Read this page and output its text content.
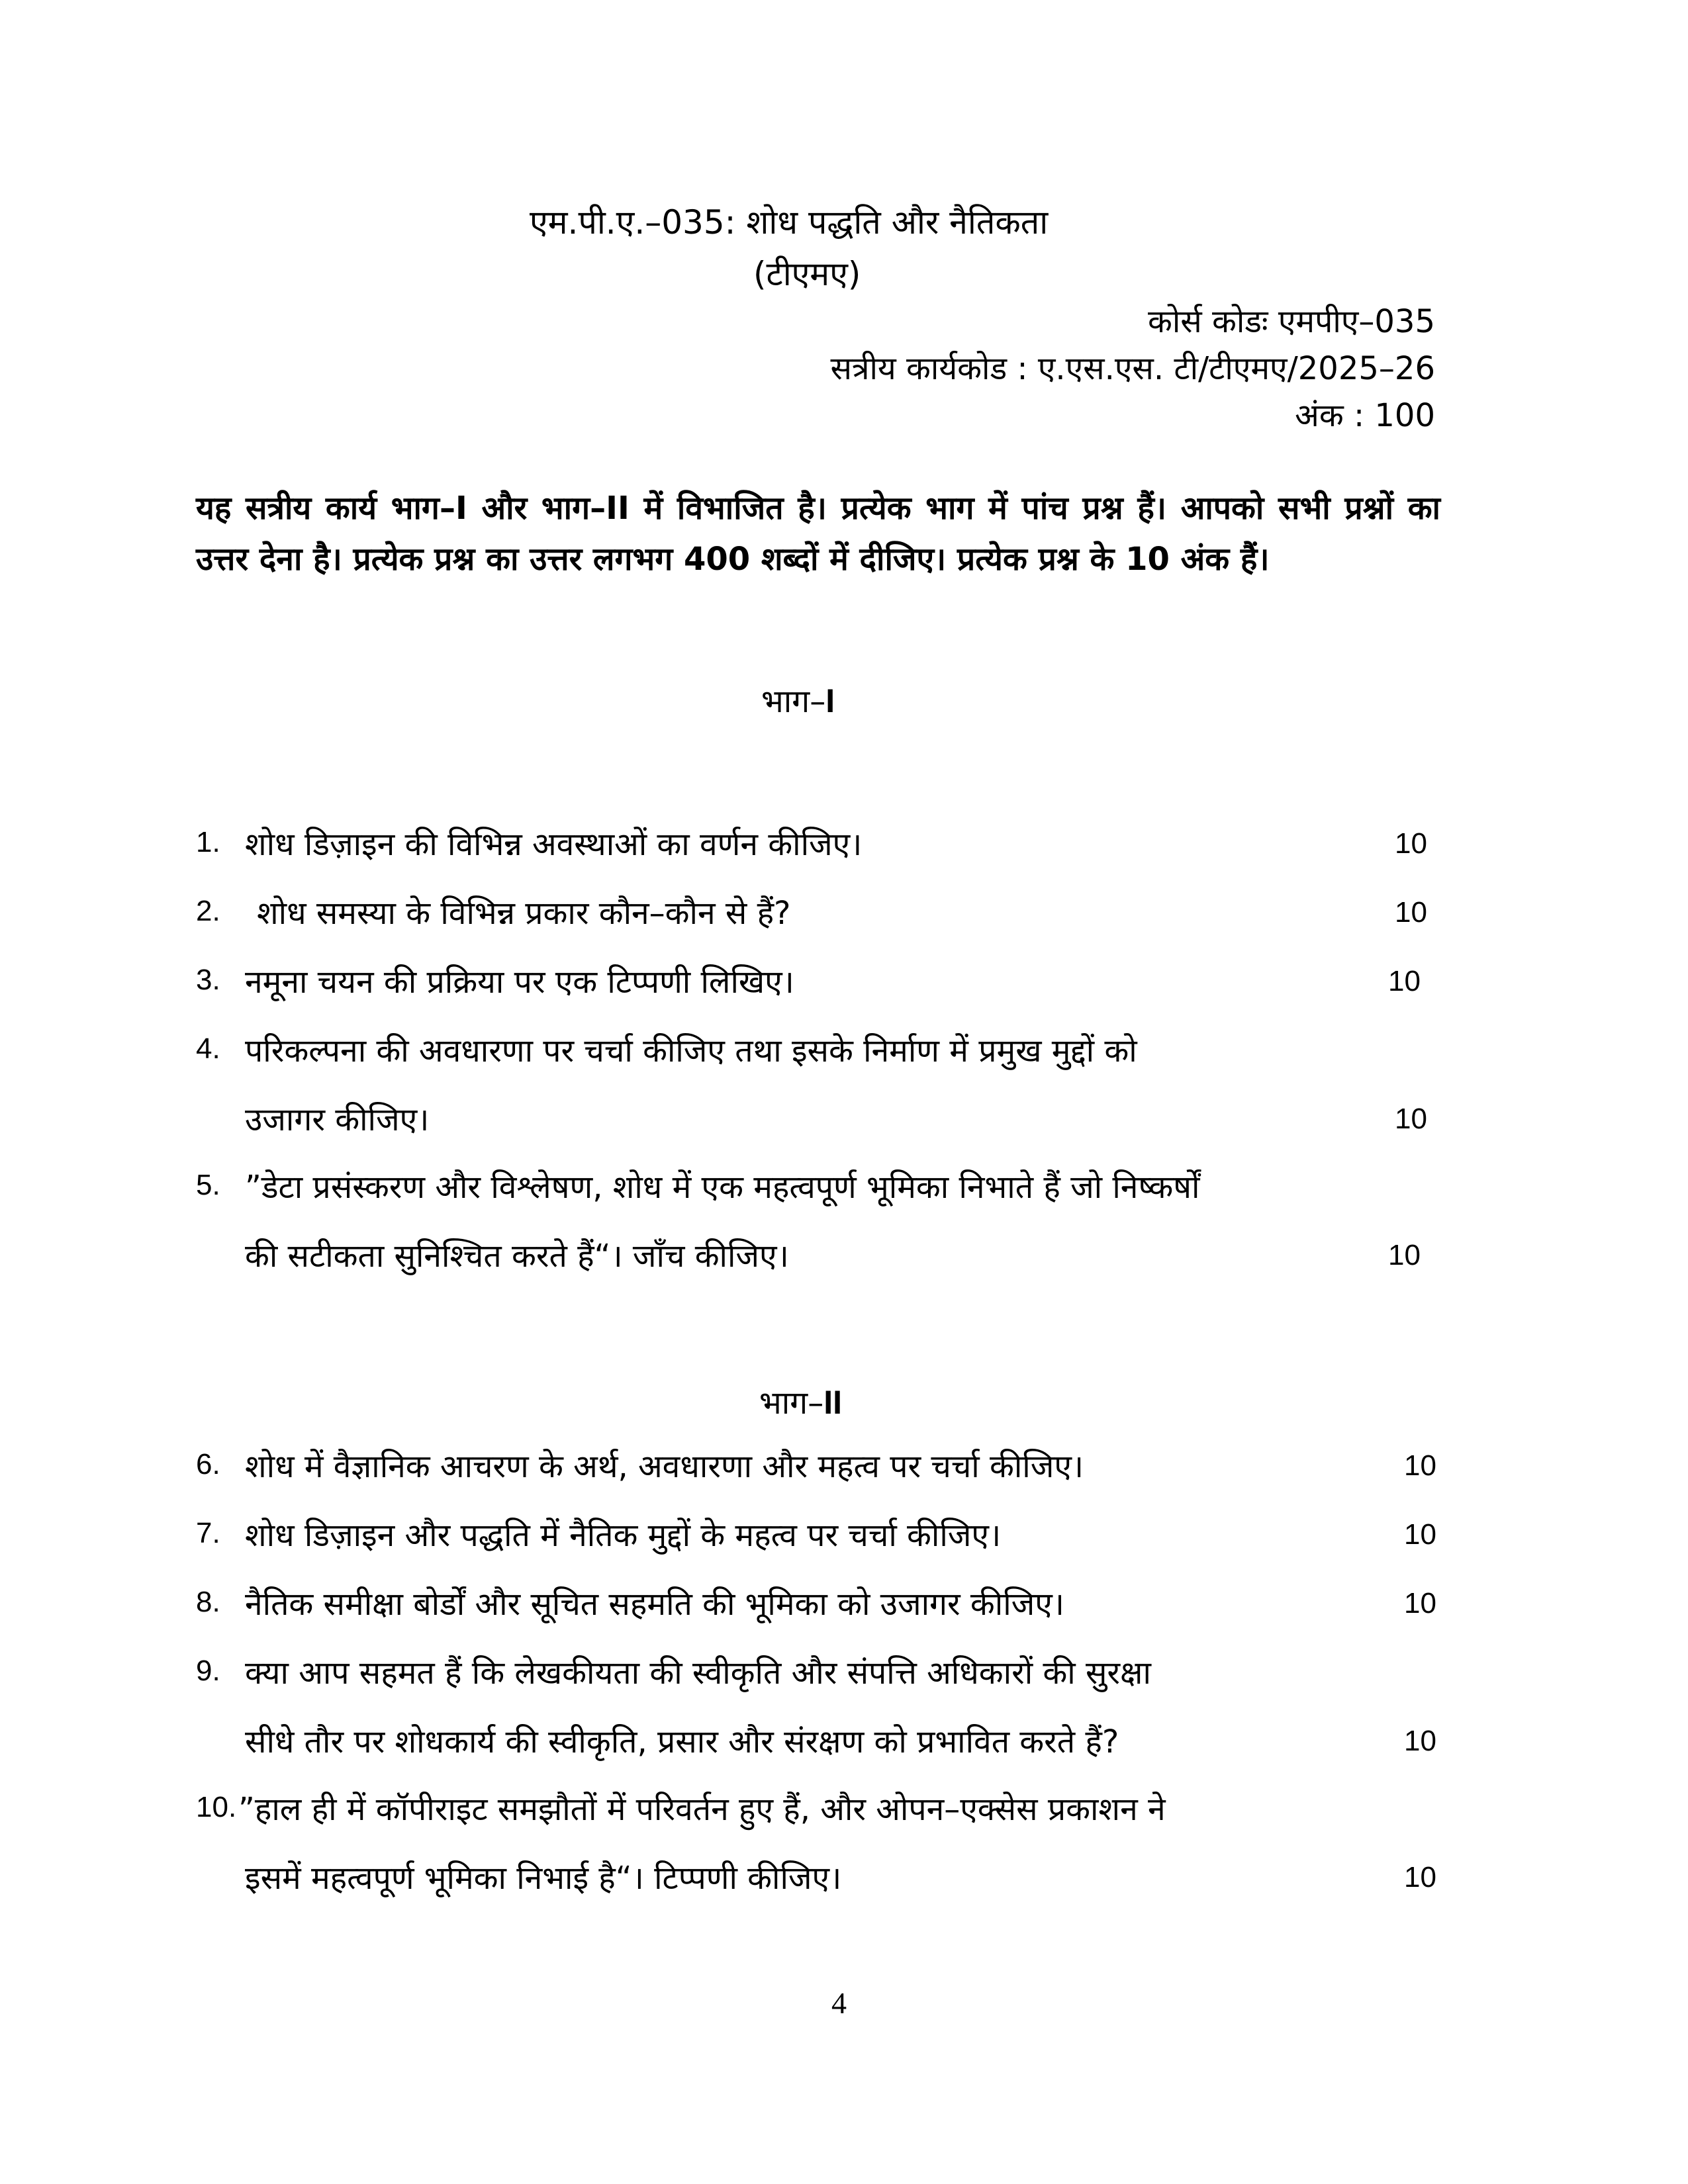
एम.पी.ए.–035: शोध पद्धति और नैतिकता
(टीएमए)
कोर्स कोडः एमपीए–035
सत्रीय कार्यकोड : ए.एस.एस. टी/टीएमए/2025–26
अंक : 100
यह सत्रीय कार्य भाग–I और भाग–II में विभाजित है। प्रत्येक भाग में पांच प्रश्न हैं। आपको सभी प्रश्नों का उत्तर देना है। प्रत्येक प्रश्न का उत्तर लगभग 400 शब्दों में दीजिए। प्रत्येक प्रश्न के 10 अंक हैं।
भाग–I
1. शोध डिज़ाइन की विभिन्न अवस्थाओं का वर्णन कीजिए।	10
2. शोध समस्या के विभिन्न प्रकार कौन–कौन से हैं?	10
3. नमूना चयन की प्रक्रिया पर एक टिप्पणी लिखिए।	10
4. परिकल्पना की अवधारणा पर चर्चा कीजिए तथा इसके निर्माण में प्रमुख मुद्दों को
उजागर कीजिए।	10
5. ”डेटा प्रसंस्करण और विश्लेषण, शोध में एक महत्वपूर्ण भूमिका निभाते हैं जो निष्कर्षों
की सटीकता सुनिश्चित करते हैं“। जाँच कीजिए।	10
भाग–II
6. शोध में वैज्ञानिक आचरण के अर्थ, अवधारणा और महत्व पर चर्चा कीजिए।	10
7. शोध डिज़ाइन और पद्धति में नैतिक मुद्दों के महत्व पर चर्चा कीजिए।	10
8. नैतिक समीक्षा बोर्डों और सूचित सहमति की भूमिका को उजागर कीजिए।	10
9. क्या आप सहमत हैं कि लेखकीयता की स्वीकृति और संपत्ति अधिकारों की सुरक्षा
सीधे तौर पर शोधकार्य की स्वीकृति, प्रसार और संरक्षण को प्रभावित करते हैं?	10
10. ”हाल ही में कॉपीराइट समझौतों में परिवर्तन हुए हैं, और ओपन–एक्सेस प्रकाशन ने
इसमें महत्वपूर्ण भूमिका निभाई है“। टिप्पणी कीजिए।	10
4
